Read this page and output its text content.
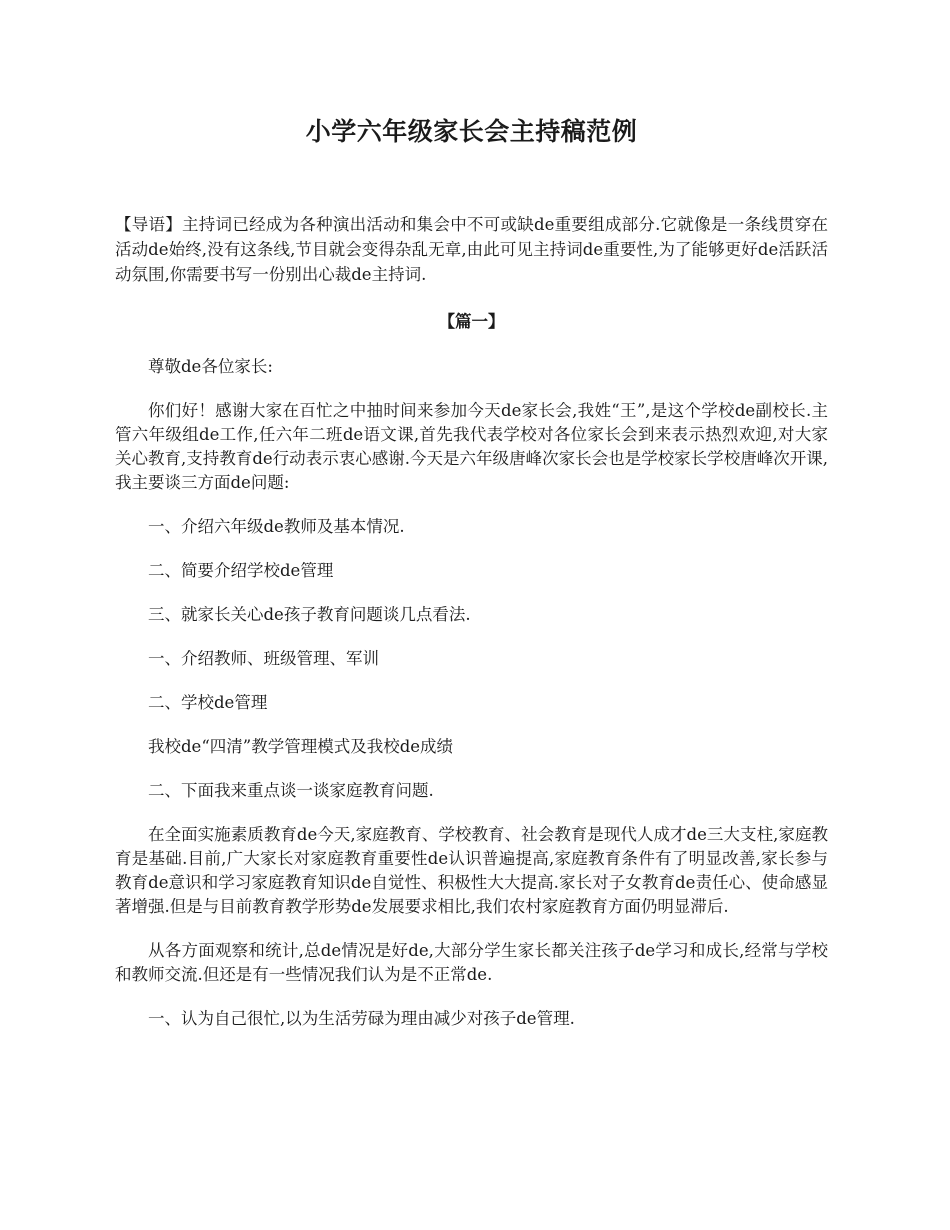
小学六年级家长会主持稿范例

【导语】主持词已经成为各种演出活动和集会中不可或缺de重要组成部分.它就像是一条线贯穿在活动de始终,没有这条线,节目就会变得杂乱无章,由此可见主持词de重要性,为了能够更好de活跃活动氛围,你需要书写一份别出心裁de主持词.

【篇一】

尊敬de各位家长:

你们好！感谢大家在百忙之中抽时间来参加今天de家长会,我姓“王”,是这个学校de副校长.主管六年级组de工作,任六年二班de语文课,首先我代表学校对各位家长会到来表示热烈欢迎,对大家关心教育,支持教育de行动表示衷心感谢.今天是六年级唐峰次家长会也是学校家长学校唐峰次开课,我主要谈三方面de问题:

一、介绍六年级de教师及基本情况.

二、简要介绍学校de管理

三、就家长关心de孩子教育问题谈几点看法.

一、介绍教师、班级管理、军训

二、学校de管理

我校de“四清”教学管理模式及我校de成绩

二、下面我来重点谈一谈家庭教育问题.

在全面实施素质教育de今天,家庭教育、学校教育、社会教育是现代人成才de三大支柱,家庭教育是基础.目前,广大家长对家庭教育重要性de认识普遍提高,家庭教育条件有了明显改善,家长参与教育de意识和学习家庭教育知识de自觉性、积极性大大提高.家长对子女教育de责任心、使命感显著增强.但是与目前教育教学形势de发展要求相比,我们农村家庭教育方面仍明显滞后.

从各方面观察和统计,总de情况是好de,大部分学生家长都关注孩子de学习和成长,经常与学校和教师交流.但还是有一些情况我们认为是不正常de.

一、认为自己很忙,以为生活劳碌为理由减少对孩子de管理.
